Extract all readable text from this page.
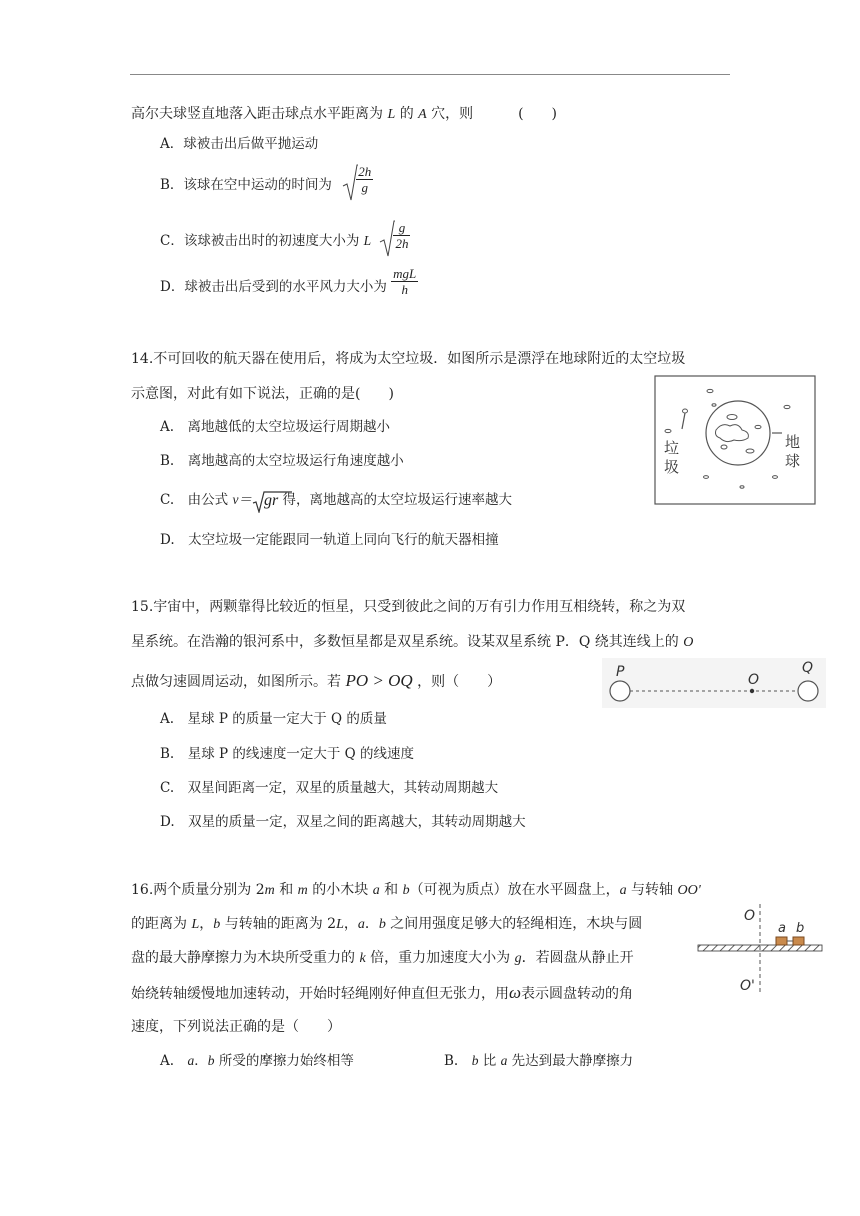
高尔夫球竖直地落入距击球点水平距离为 L 的 A 穴，则	(　　)
A．球被击出后做平抛运动
B．该球在空中运动的时间为 $\frac{2h}{g}$
C．该球被击出时的初速度大小为 L $\frac{g}{2h}$
D．球被击出后受到的水平风力大小为 $\frac{\text{mgL}}{h}$
14.不可回收的航天器在使用后，将成为太空垃圾．如图所示是漂浮在地球附近的太空垃圾
示意图，对此有如下说法，正确的是(　　)
A.　离地越低的太空垃圾运行周期越小
B.　离地越高的太空垃圾运行角速度越小
C.　由公式 v＝ gr 得，离地越高的太空垃圾运行速率越大
D.　太空垃圾一定能跟同一轨道上同向飞行的航天器相撞
垃
圾
地
球
15.宇宙中，两颗靠得比较近的恒星，只受到彼此之间的万有引力作用互相绕转，称之为双
星系统。在浩瀚的银河系中，多数恒星都是双星系统。设某双星系统 P．Q 绕其连线上的 O
点做匀速圆周运动，如图所示。若 PO > OQ ，则（　　）
A.　星球 P 的质量一定大于 Q 的质量
B.　星球 P 的线速度一定大于 Q 的线速度
C.　双星间距离一定，双星的质量越大，其转动周期越大
D.　双星的质量一定，双星之间的距离越大，其转动周期越大
P	O
Q
16.两个质量分别为 2m 和 m 的小木块 a 和 b（可视为质点）放在水平圆盘上，a 与转轴 OO'
的距离为 L，b 与转轴的距离为 2L，a．b 之间用强度足够大的轻绳相连，木块与圆
盘的最大静摩擦力为木块所受重力的 k 倍，重力加速度大小为 g．若圆盘从静止开
始绕转轴缓慢地加速转动，开始时轻绳刚好伸直但无张力，用ω表示圆盘转动的角
速度，下列说法正确的是（　　）
A.　a．b 所受的摩擦力始终相等	B.　b 比 a 先达到最大静摩擦力
O
O'
a b
